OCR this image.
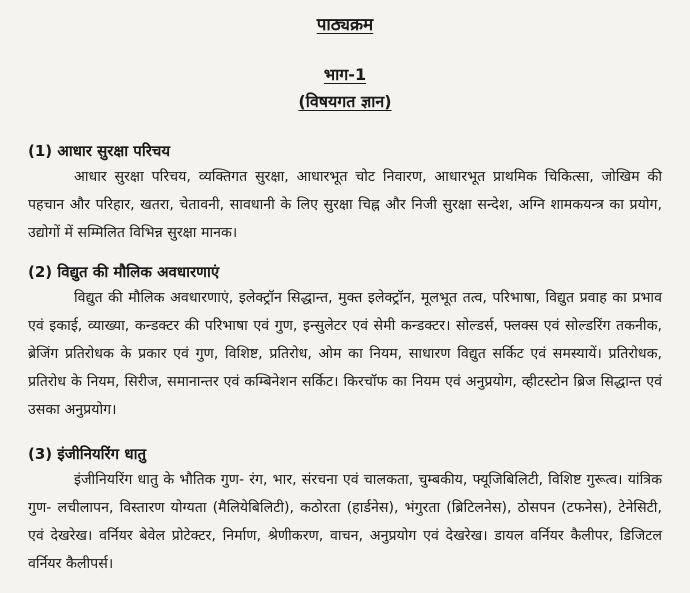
पाठ्यक्रम
भाग-1
(विषयगत ज्ञान)
(1) आधार सुरक्षा परिचय
आधार सुरक्षा परिचय, व्यक्तिगत सुरक्षा, आधारभूत चोट निवारण, आधारभूत प्राथमिक चिकित्सा, जोखिम की पहचान और परिहार, खतरा, चेतावनी, सावधानी के लिए सुरक्षा चिह्न और निजी सुरक्षा सन्देश, अग्नि शामकयन्त्र का प्रयोग, उद्योगों में सम्मिलित विभिन्न सुरक्षा मानक।
(2) विद्युत की मौलिक अवधारणाएं
विद्युत की मौलिक अवधारणाएं, इलेक्ट्रॉन सिद्धान्त, मुक्त इलेक्ट्रॉन, मूलभूत तत्व, परिभाषा, विद्युत प्रवाह का प्रभाव एवं इकाई, व्याख्या, कन्डक्टर की परिभाषा एवं गुण, इन्सुलेटर एवं सेमी कन्डक्टर। सोल्डर्स, फ्लक्स एवं सोल्डरिंग तकनीक, ब्रेजिंग प्रतिरोधक के प्रकार एवं गुण, विशिष्ट, प्रतिरोध, ओम का नियम, साधारण विद्युत सर्किट एवं समस्यायें। प्रतिरोधक, प्रतिरोध के नियम, सिरीज, समानान्तर एवं कम्बिनेशन सर्किट। किरचॉफ का नियम एवं अनुप्रयोग, व्हीटस्टोन ब्रिज सिद्धान्त एवं उसका अनुप्रयोग।
(3) इंजीनियरिंग धातु
इंजीनियरिंग धातु के भौतिक गुण- रंग, भार, संरचना एवं चालकता, चुम्बकीय, फ्यूजिबिलिटी, विशिष्ट गुरूत्व। यांत्रिक गुण- लचीलापन, विस्तारण योग्यता (मैलियेबिलिटी), कठोरता (हार्डनेस), भंगुरता (ब्रिटिलनेस), ठोसपन (टफनेस), टेनेसिटी, एवं देखरेख। वर्नियर बेवेल प्रोटेक्टर, निर्माण, श्रेणीकरण, वाचन, अनुप्रयोग एवं देखरेख। डायल वर्नियर कैलीपर, डिजिटल वर्नियर कैलीपर्स।
